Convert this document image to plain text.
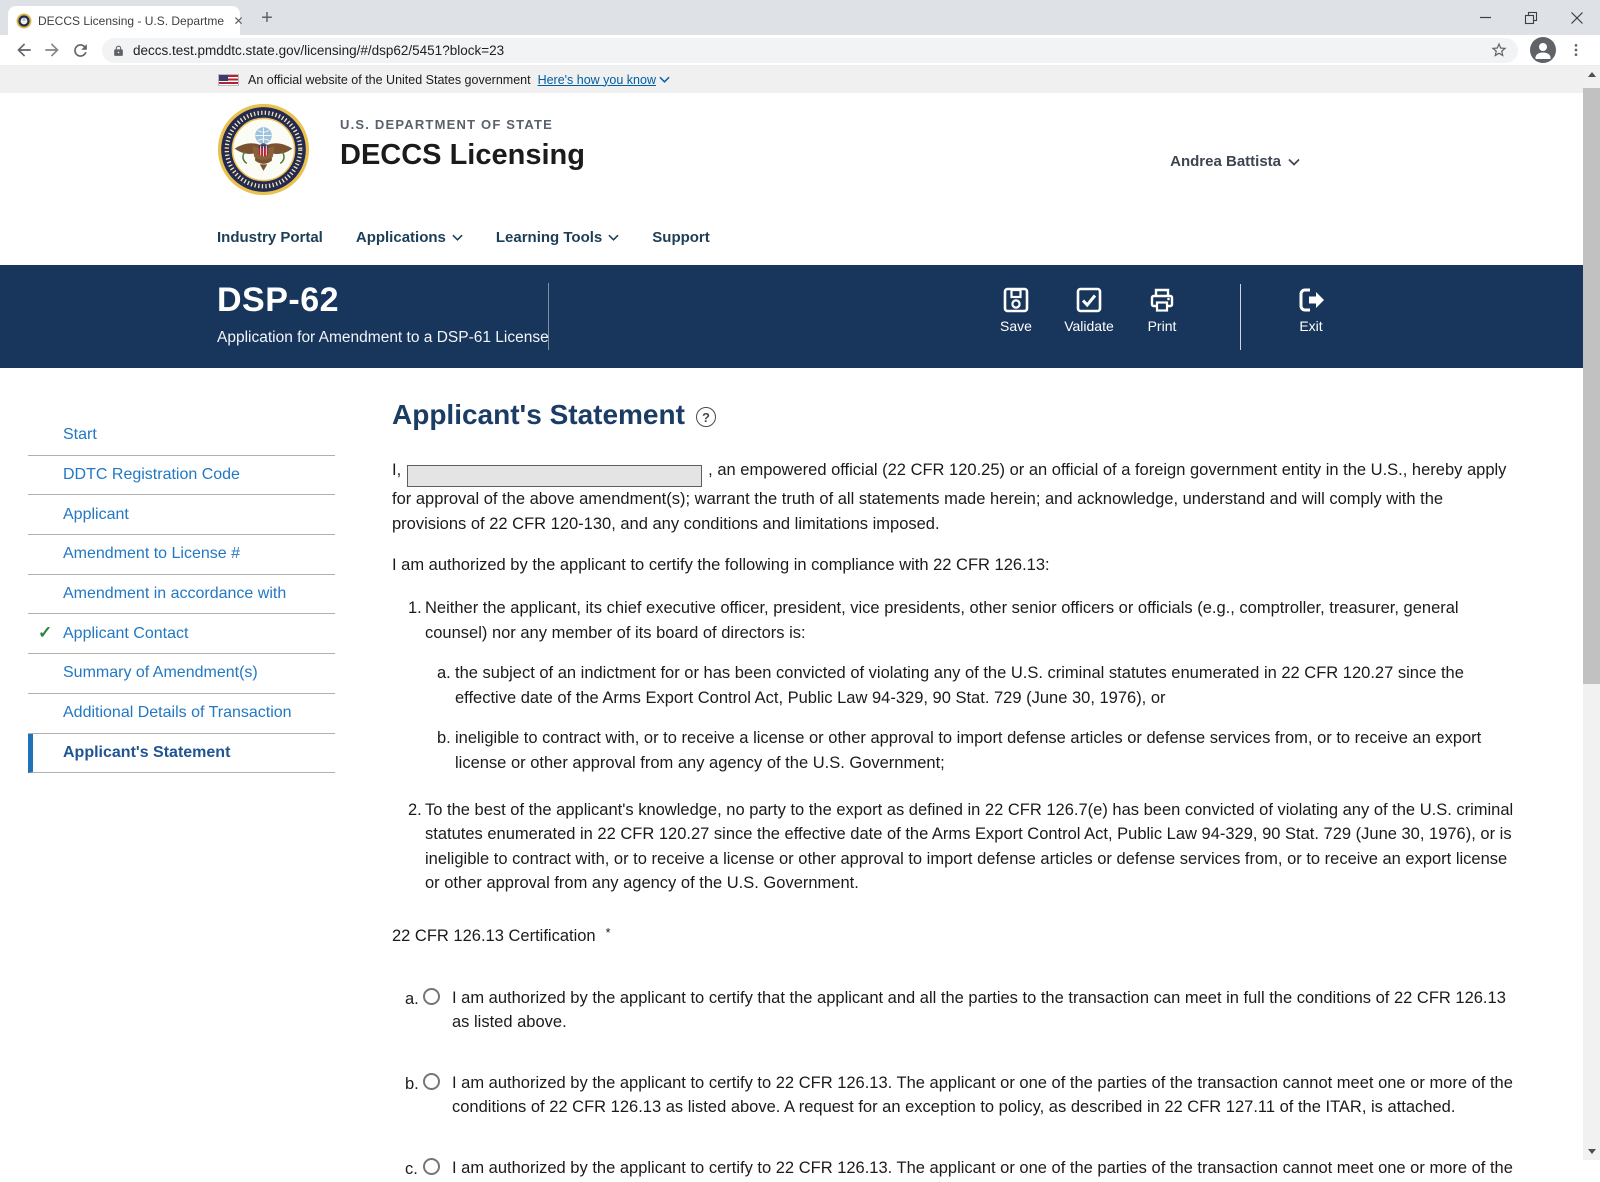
DECCS Licensing - U.S. Departme ✕ +
deccs.test.pmddtc.state.gov/licensing/#/dsp62/5451?block=23
An official website of the United States government Here's how you know
U.S. DEPARTMENT OF STATE
DECCS Licensing	Andrea Battista
Industry Portal Applications	Learning Tools	Support
DSP-62
Application for Amendment to a DSP-61 License
Save	Validate	Print	Exit
Start
DDTC Registration Code
Applicant
Amendment to License #
Amendment in accordance with
✓ Applicant Contact
Summary of Amendment(s)
Additional Details of Transaction
Applicant's Statement
Applicant's Statement	?

I,	, an empowered official (22 CFR 120.25) or an official of a foreign government entity in the U.S., hereby apply for approval of the above amendment(s); warrant the truth of all statements made herein; and acknowledge, understand and will comply with the provisions of 22 CFR 120-130, and any conditions and limitations imposed.

I am authorized by the applicant to certify the following in compliance with 22 CFR 126.13:

1. Neither the applicant, its chief executive officer, president, vice presidents, other senior officers or officials (e.g., comptroller, treasurer, general counsel) nor any member of its board of directors is:
a. the subject of an indictment for or has been convicted of violating any of the U.S. criminal statutes enumerated in 22 CFR 120.27 since the effective date of the Arms Export Control Act, Public Law 94-329, 90 Stat. 729 (June 30, 1976), or
b. ineligible to contract with, or to receive a license or other approval to import defense articles or defense services from, or to receive an export license or other approval from any agency of the U.S. Government;
2. To the best of the applicant's knowledge, no party to the export as defined in 22 CFR 126.7(e) has been convicted of violating any of the U.S. criminal statutes enumerated in 22 CFR 120.27 since the effective date of the Arms Export Control Act, Public Law 94-329, 90 Stat. 729 (June 30, 1976), or is ineligible to contract with, or to receive a license or other approval to import defense articles or defense services from, or to receive an export license or other approval from any agency of the U.S. Government.

22 CFR 126.13 Certification *

a. I am authorized by the applicant to certify that the applicant and all the parties to the transaction can meet in full the conditions of 22 CFR 126.13 as listed above.
b. I am authorized by the applicant to certify to 22 CFR 126.13. The applicant or one of the parties of the transaction cannot meet one or more of the conditions of 22 CFR 126.13 as listed above. A request for an exception to policy, as described in 22 CFR 127.11 of the ITAR, is attached.
c. I am authorized by the applicant to certify to 22 CFR 126.13. The applicant or one of the parties of the transaction cannot meet one or more of the
